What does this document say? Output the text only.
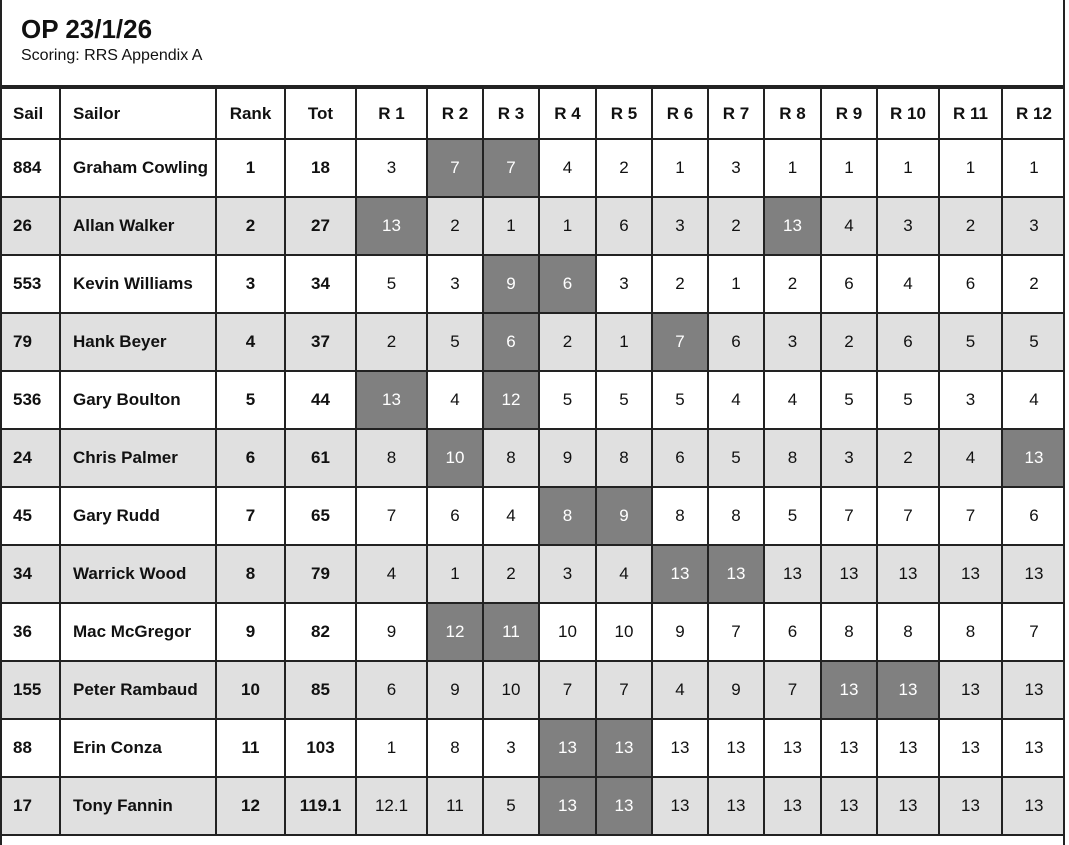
OP 23/1/26
Scoring: RRS Appendix A
Sail	Sailor	Rank	Tot	R 1	R 2	R 3	R 4	R 5	R 6	R 7	R 8	R 9	R 10	R 11	R 12
884	Graham Cowling	1	18	3	7	7	4	2	1	3	1	1	1	1	1
26	Allan Walker	2	27	13	2	1	1	6	3	2	13	4	3	2	3
553	Kevin Williams	3	34	5	3	9	6	3	2	1	2	6	4	6	2
79	Hank Beyer	4	37	2	5	6	2	1	7	6	3	2	6	5	5
536	Gary Boulton	5	44	13	4	12	5	5	5	4	4	5	5	3	4
24	Chris Palmer	6	61	8	10	8	9	8	6	5	8	3	2	4	13
45	Gary Rudd	7	65	7	6	4	8	9	8	8	5	7	7	7	6
34	Warrick Wood	8	79	4	1	2	3	4	13	13	13	13	13	13	13
36	Mac McGregor	9	82	9	12	11	10	10	9	7	6	8	8	8	7
155	Peter Rambaud	10	85	6	9	10	7	7	4	9	7	13	13	13	13
88	Erin Conza	11	103	1	8	3	13	13	13	13	13	13	13	13	13
17	Tony Fannin	12	119.1	12.1	11	5	13	13	13	13	13	13	13	13	13
